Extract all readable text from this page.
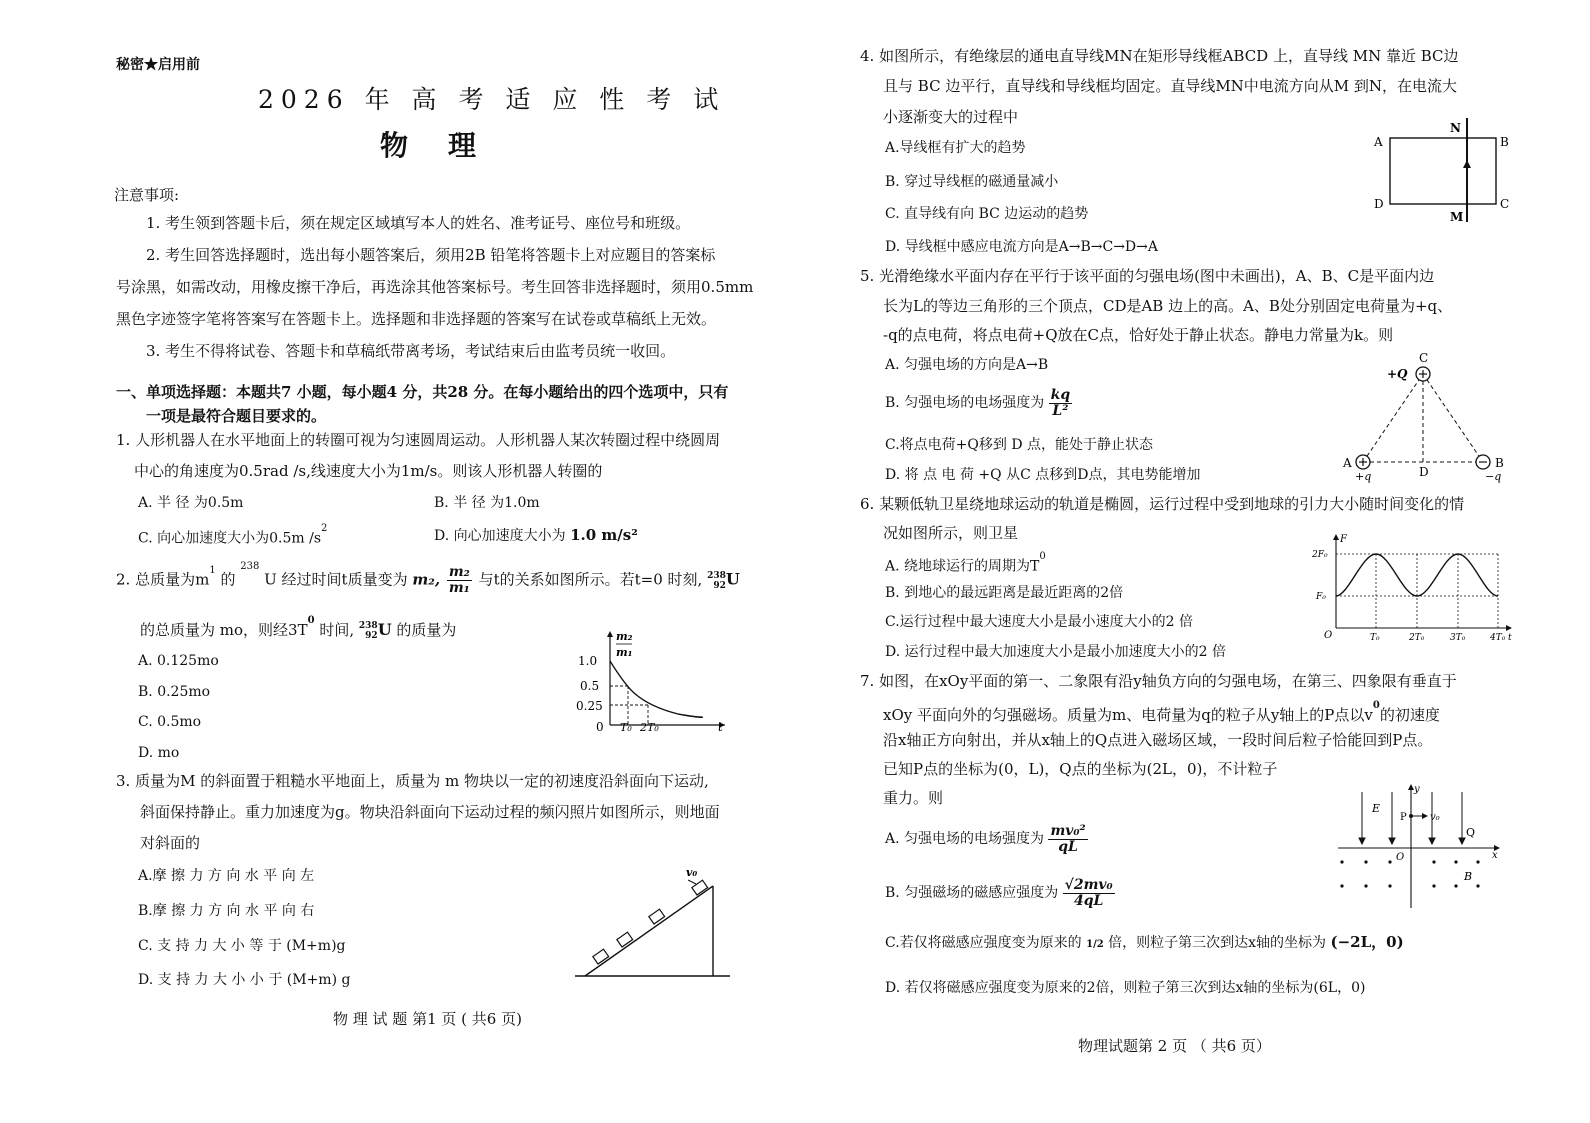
秘密★启用前
2026 年 高 考 适 应 性 考 试
物理
注意事项:
1. 考生领到答题卡后，须在规定区域填写本人的姓名、准考证号、座位号和班级。
2. 考生回答选择题时，选出每小题答案后，须用2B 铅笔将答题卡上对应题目的答案标
号涂黑，如需改动，用橡皮擦干净后，再选涂其他答案标号。考生回答非选择题时，须用0.5mm
黑色字迹签字笔将答案写在答题卡上。选择题和非选择题的答案写在试卷或草稿纸上无效。
3. 考生不得将试卷、答题卡和草稿纸带离考场，考试结束后由监考员统一收回。
一、单项选择题：本题共7 小题，每小题4 分，共28 分。在每小题给出的四个选项中，只有
一项是最符合题目要求的。
1. 人形机器人在水平地面上的转圈可视为匀速圆周运动。人形机器人某次转圈过程中绕圆周
中心的角速度为0.5rad /s,线速度大小为1m/s。则该人形机器人转圈的
A. 半 径 为0.5m	B. 半 径 为1.0m
C. 向心加速度大小为0.5m $/s^2$	D. 向心加速度大小为 1.0 m/s²
2. 总质量为$m^1$ 的 $^{238}$ U 经过时间t质量变为 m₂, $\frac{\text{m₂}}{\text{m₁}}$ 与t的关系如图所示。若t=0 时刻, 238
92 U
的总质量为 mo，则经$3T^0$ 时间, 238
92 U 的质量为
A. 0.125mo
B. 0.25mo
C. 0.5mo
D. mo
m₂
m₁
1.0
0.5
0.25
0 T₀ 2T₀	t
3. 质量为M 的斜面置于粗糙水平地面上，质量为 m 物块以一定的初速度沿斜面向下运动,
斜面保持静止。重力加速度为g。物块沿斜面向下运动过程的频闪照片如图所示，则地面
对斜面的
A.摩 擦 力 方 向 水 平 向 左
B.摩 擦 力 方 向 水 平 向 右
C. 支 持 力 大 小 等 于 (M+m)g
D. 支 持 力 大 小 小 于 (M+m) g
v₀
物 理 试 题 第1 页 ( 共6 页)
4. 如图所示，有绝缘层的通电直导线MN在矩形导线框ABCD 上，直导线 MN 靠近 BC边
且与 BC 边平行，直导线和导线框均固定。直导线MN中电流方向从M 到N，在电流大
小逐渐变大的过程中
A.导线框有扩大的趋势
B. 穿过导线框的磁通量减小
C. 直导线有向 BC 边运动的趋势
D. 导线框中感应电流方向是A→B→C→D→A
A	B
C
D
N
M
5. 光滑绝缘水平面内存在平行于该平面的匀强电场(图中未画出)，A、B、C是平面内边
长为L的等边三角形的三个顶点，CD是AB 边上的高。A、B处分别固定电荷量为+q、
-q的点电荷，将点电荷+Q放在C点，恰好处于静止状态。静电力常量为k。则
A. 匀强电场的方向是A→B
B. 匀强电场的电场强度为 $\frac{kq}{\text{L²}}$
C.将点电荷+Q移到 D 点，能处于静止状态
D. 将 点 电 荷 +Q 从C 点移到D点，其电势能增加
C
+Q
A	B
D
+q	−q
6. 某颗低轨卫星绕地球运动的轨道是椭圆，运行过程中受到地球的引力大小随时间变化的情
况如图所示，则卫星
A. 绕地球运行的周期为$T^0$
B. 到地心的最远距离是最近距离的2倍
C.运行过程中最大速度大小是最小速度大小的2 倍
D. 运行过程中最大加速度大小是最小加速度大小的2 倍
F
2F₀
F₀
O	T₀	2T₀	3T₀	4T₀ t
7. 如图，在xOy平面的第一、二象限有沿y轴负方向的匀强电场，在第三、四象限有垂直于
xOy 平面向外的匀强磁场。质量为m、电荷量为q的粒子从y轴上的P点以$v^0$的初速度
沿x轴正方向射出，并从x轴上的Q点进入磁场区域，一段时间后粒子恰能回到P点。
已知P点的坐标为(0，L)，Q点的坐标为(2L，0)，不计粒子
重力。则
A. 匀强电场的电场强度为 $\frac{\text{mv₀²}}{qL}$
B. 匀强磁场的磁感应强度为 $\frac{\text{√2mv₀}}{4qL}$
C.若仅将磁感应强度变为原来的 1/2 倍，则粒子第三次到达x轴的坐标为 (−2L，0)
D. 若仅将磁感应强度变为原来的2倍，则粒子第三次到达x轴的坐标为(6L，0)
y
E
P v₀
Q
O	x
B
物理试题第 2 页 （ 共6 页）
